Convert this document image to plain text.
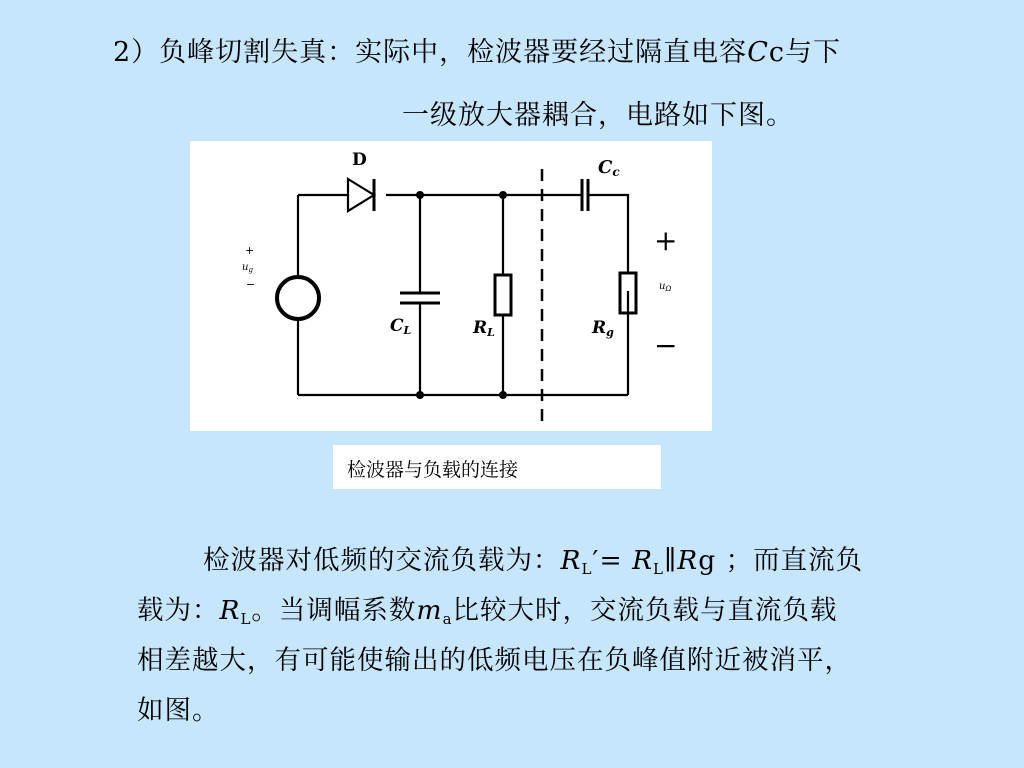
2）负峰切割失真：实际中，检波器要经过隔直电容Cc与下
一级放大器耦合，电路如下图。
D	Cc
CL	RL	Rg
+
$u_g$
−
+
$u_\Omega$
−
检波器与负载的连接
检波器对低频的交流负载为：$R_L'=$ $R_L\parallel Rg$ ；而直流负
载为：$R_L$。当调幅系数$m_a$比较大时，交流负载与直流负载
相差越大，有可能使输出的低频电压在负峰值附近被消平，
如图。
